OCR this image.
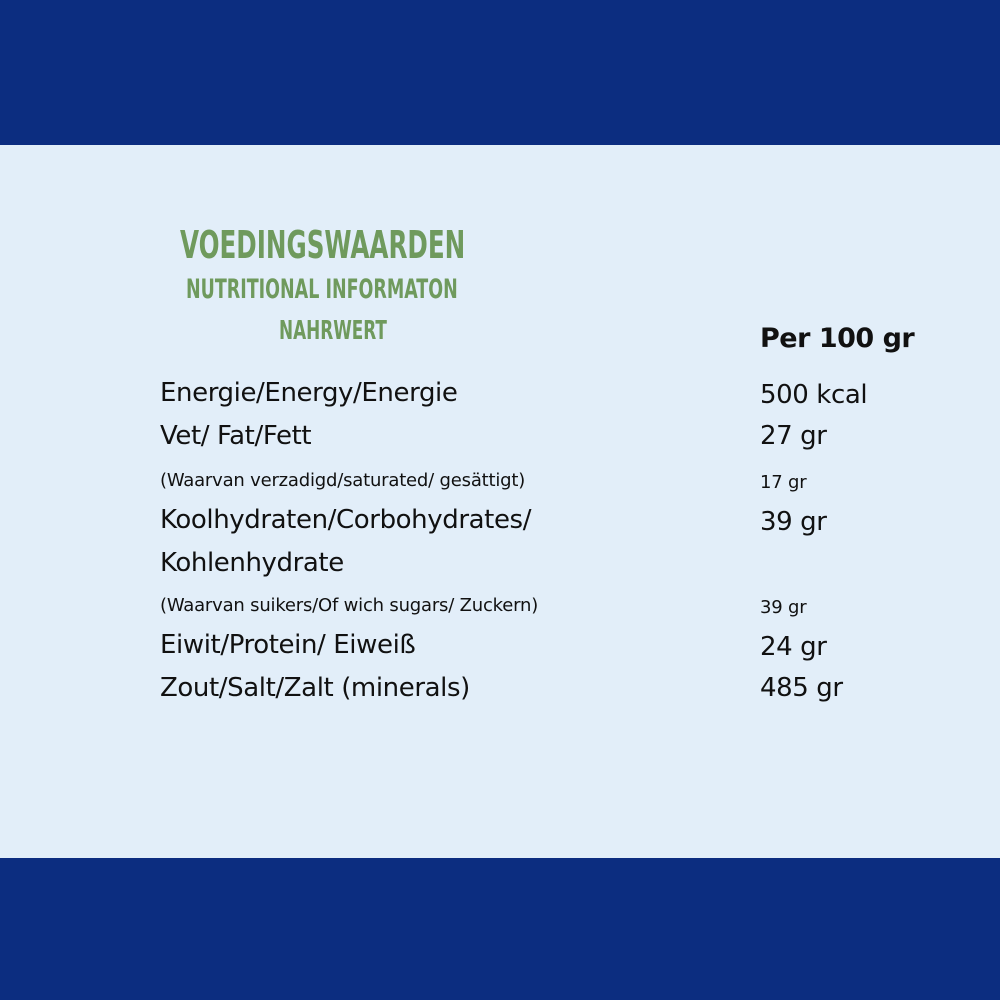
VOEDINGSWAARDEN
NUTRITIONAL INFORMATON
NAHRWERT	Per 100 gr
Energie/Energy/Energie	500 kcal
Vet/ Fat/Fett	27 gr
(Waarvan verzadigd/saturated/ gesättigt)	17 gr
Koolhydraten/Corbohydrates/	39 gr
Kohlenhydrate
(Waarvan suikers/Of wich sugars/ Zuckern)	39 gr
Eiwit/Protein/ Eiweiß	24 gr
Zout/Salt/Zalt (minerals)	485 gr
